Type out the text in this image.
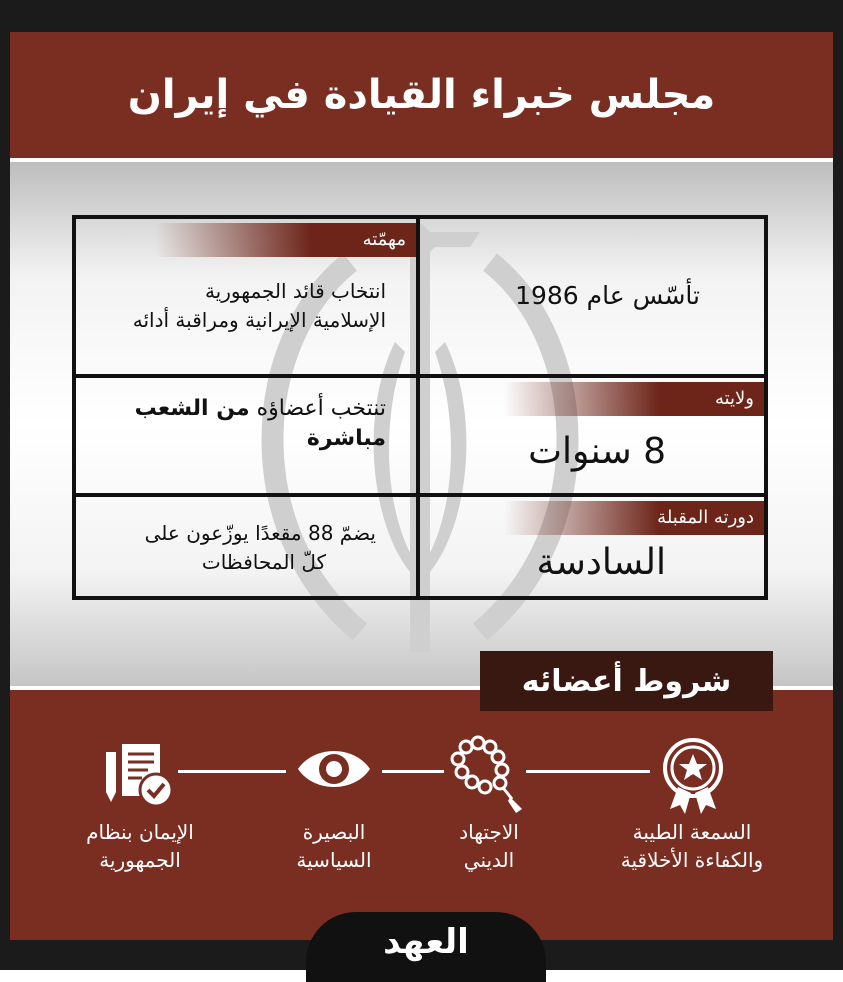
مجلس خبراء القيادة في إيران
مهمّته
انتخاب قائد الجمهورية
الإسلامية الإيرانية ومراقبة أدائه
تأسّس عام 1986
تنتخب أعضاؤه من الشعب
مباشرة
ولايته
8 سنوات
يضمّ 88 مقعدًا يوزّعون على
كلّ المحافظات
دورته المقبلة
السادسة
شروط أعضائه
السمعة الطيبة
والكفاءة الأخلاقية
الاجتهاد
الديني
البصيرة
السياسية
الإيمان بنظام
الجمهورية
العهد
